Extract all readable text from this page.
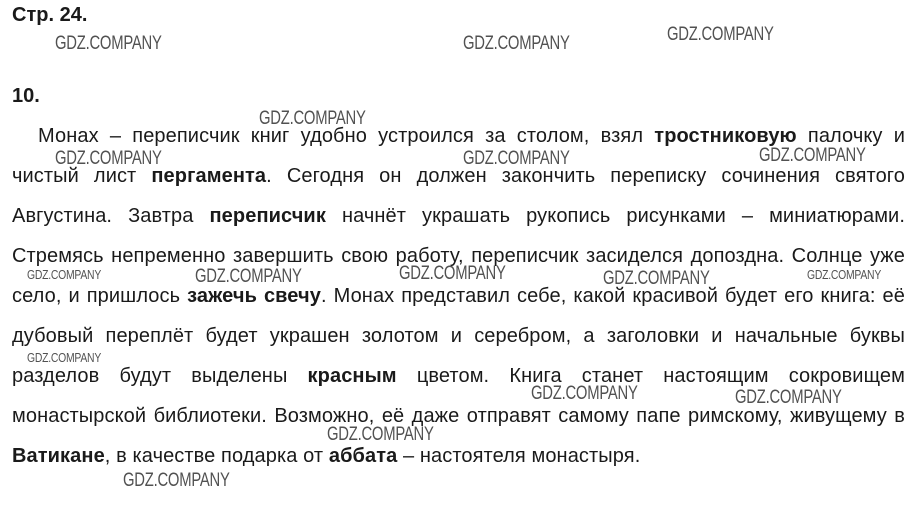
Стр. 24.
10.

Монах – переписчик книг удобно устроился за столом, взял тростниковую палочку и чистый лист пергамента. Сегодня он должен закончить переписку сочинения святого Августина. Завтра переписчик начнёт украшать рукопись рисунками – миниатюрами. Стремясь непременно завершить свою работу, переписчик засиделся допоздна. Солнце уже село, и пришлось зажечь свечу. Монах представил себе, какой красивой будет его книга: её дубовый переплёт будет украшен золотом и серебром, а заголовки и начальные буквы разделов будут выделены красным цветом. Книга станет настоящим сокровищем монастырской библиотеки. Возможно, её даже отправят самому папе римскому, живущему в Ватикане, в качестве подарка от аббата – настоятеля монастыря.

GDZ.COMPANY	GDZ.COMPANY	GDZ.COMPANY
GDZ.COMPANY
GDZ.COMPANY	GDZ.COMPANY	GDZ.COMPANY
GDZ.COMPANY	GDZ.COMPANY	GDZ.COMPANY	GDZ.COMPANY	GDZ.COMPANY
GDZ.COMPANY
GDZ.COMPANY	GDZ.COMPANY
GDZ.COMPANY
GDZ.COMPANY
